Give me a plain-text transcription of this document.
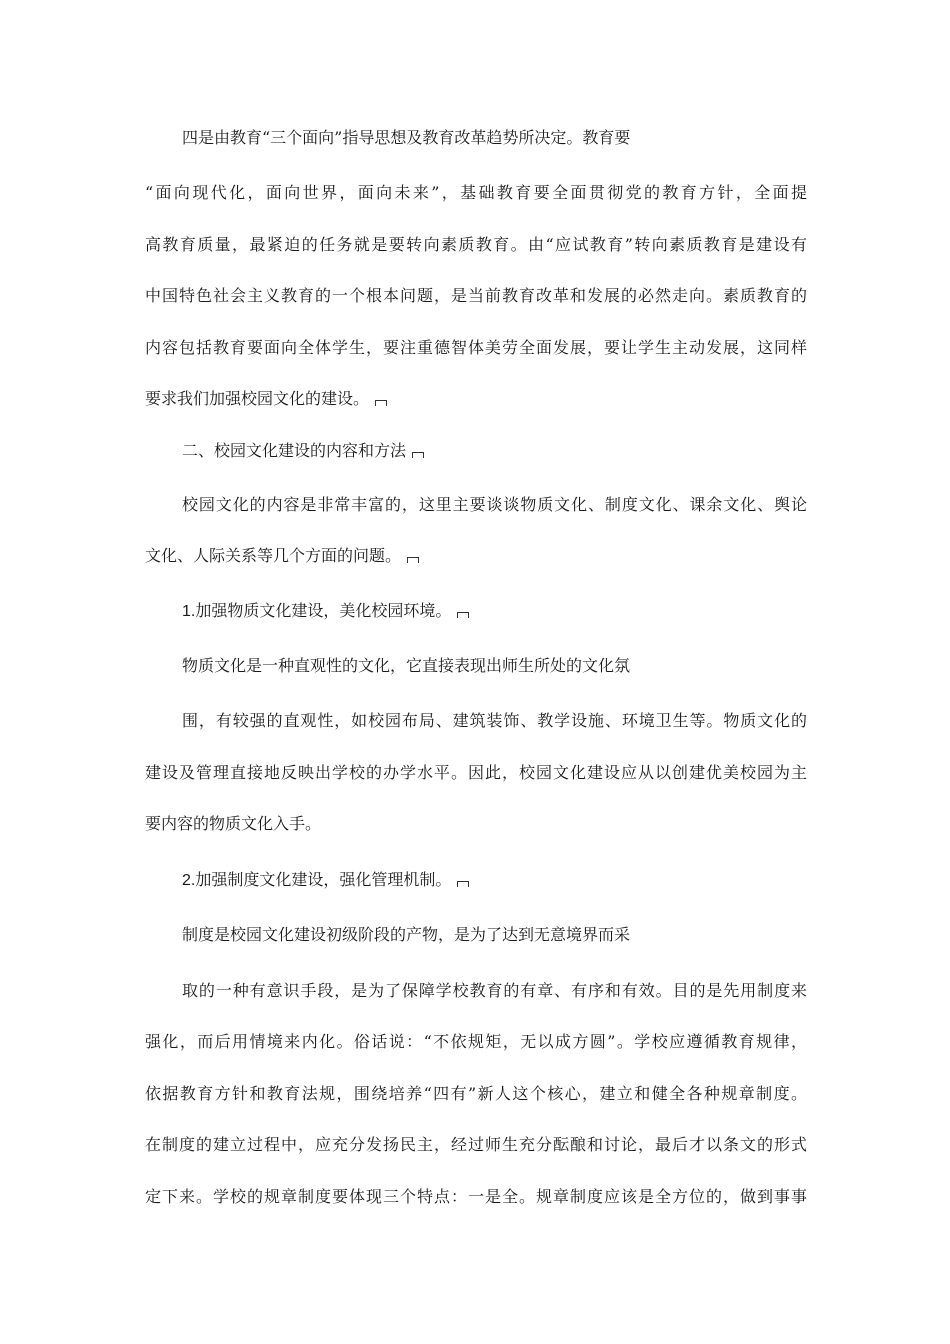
四是由教育“三个面向”指导思想及教育改革趋势所决定。教育要
“面向现代化，面向世界，面向未来”，基础教育要全面贯彻党的教育方针，全面提
高教育质量，最紧迫的任务就是要转向素质教育。由“应试教育”转向素质教育是建设有
中国特色社会主义教育的一个根本问题，是当前教育改革和发展的必然走向。素质教育的
内容包括教育要面向全体学生，要注重德智体美劳全面发展，要让学生主动发展，这同样
要求我们加强校园文化的建设。
二、校园文化建设的内容和方法
校园文化的内容是非常丰富的，这里主要谈谈物质文化、制度文化、课余文化、舆论
文化、人际关系等几个方面的问题。
1.加强物质文化建设，美化校园环境。
物质文化是一种直观性的文化，它直接表现出师生所处的文化氛
围，有较强的直观性，如校园布局、建筑装饰、教学设施、环境卫生等。物质文化的
建设及管理直接地反映出学校的办学水平。因此，校园文化建设应从以创建优美校园为主
要内容的物质文化入手。
2.加强制度文化建设，强化管理机制。
制度是校园文化建设初级阶段的产物，是为了达到无意境界而采
取的一种有意识手段，是为了保障学校教育的有章、有序和有效。目的是先用制度来
强化，而后用情境来内化。俗话说：“不依规矩，无以成方圆”。学校应遵循教育规律，
依据教育方针和教育法规，围绕培养“四有”新人这个核心，建立和健全各种规章制度。
在制度的建立过程中，应充分发扬民主，经过师生充分酝酿和讨论，最后才以条文的形式
定下来。学校的规章制度要体现三个特点：一是全。规章制度应该是全方位的，做到事事
